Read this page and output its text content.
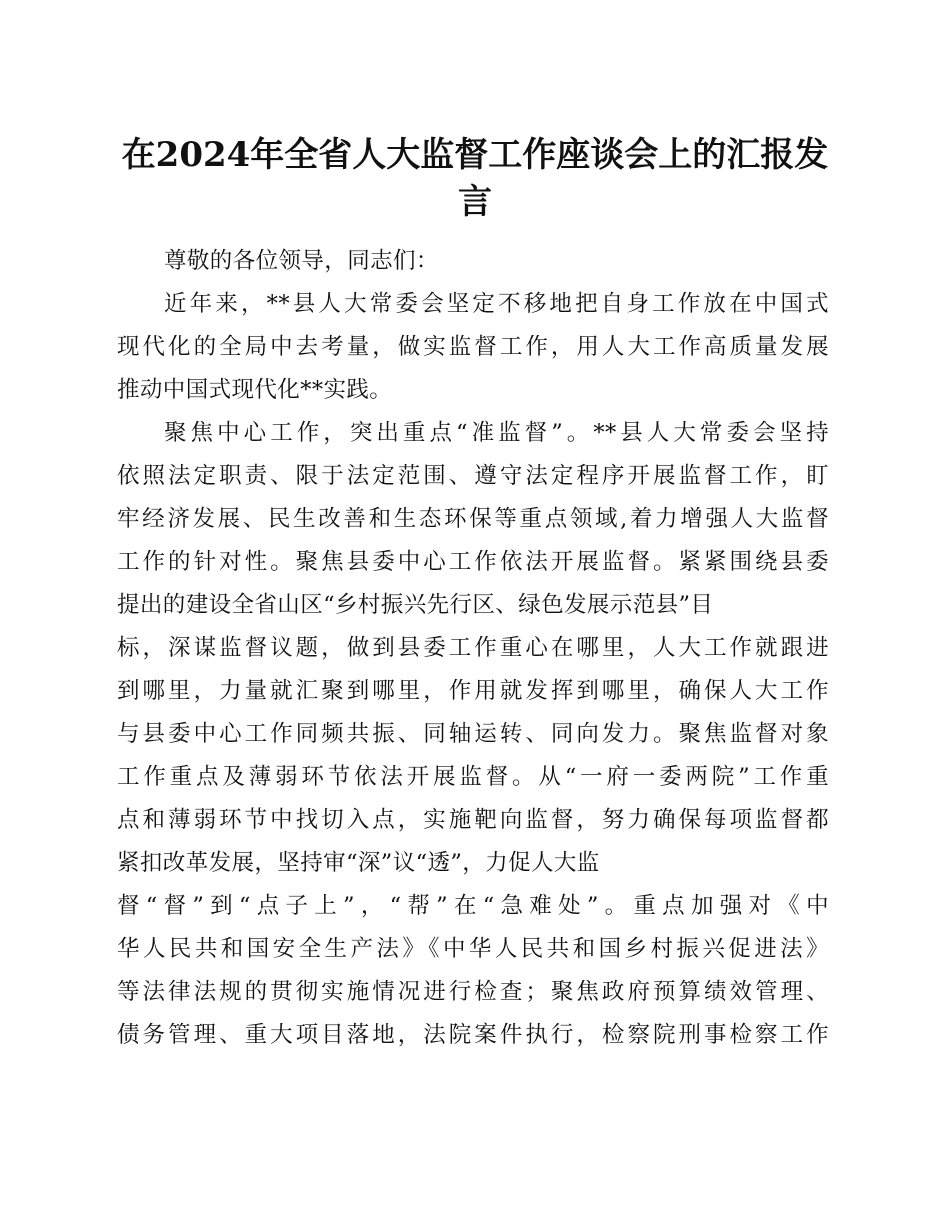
在2024年全省人大监督工作座谈会上的汇报发言
尊敬的各位领导，同志们：
近年来，**县人大常委会坚定不移地把自身工作放在中国式
现代化的全局中去考量，做实监督工作，用人大工作高质量发展
推动中国式现代化**实践。
聚焦中心工作，突出重点“准监督”。**县人大常委会坚持
依照法定职责、限于法定范围、遵守法定程序开展监督工作，盯
牢经济发展、民生改善和生态环保等重点领域,着力增强人大监督
工作的针对性。聚焦县委中心工作依法开展监督。紧紧围绕县委
提出的建设全省山区“乡村振兴先行区、绿色发展示范县”目
标，深谋监督议题，做到县委工作重心在哪里，人大工作就跟进
到哪里，力量就汇聚到哪里，作用就发挥到哪里，确保人大工作
与县委中心工作同频共振、同轴运转、同向发力。聚焦监督对象
工作重点及薄弱环节依法开展监督。从“一府一委两院”工作重
点和薄弱环节中找切入点，实施靶向监督，努力确保每项监督都
紧扣改革发展，坚持审“深”议“透”，力促人大监
督“督”到“点子上”，“帮”在“急难处”。重点加强对《中
华人民共和国安全生产法》《中华人民共和国乡村振兴促进法》
等法律法规的贯彻实施情况进行检查；聚焦政府预算绩效管理、
债务管理、重大项目落地，法院案件执行，检察院刑事检察工作
